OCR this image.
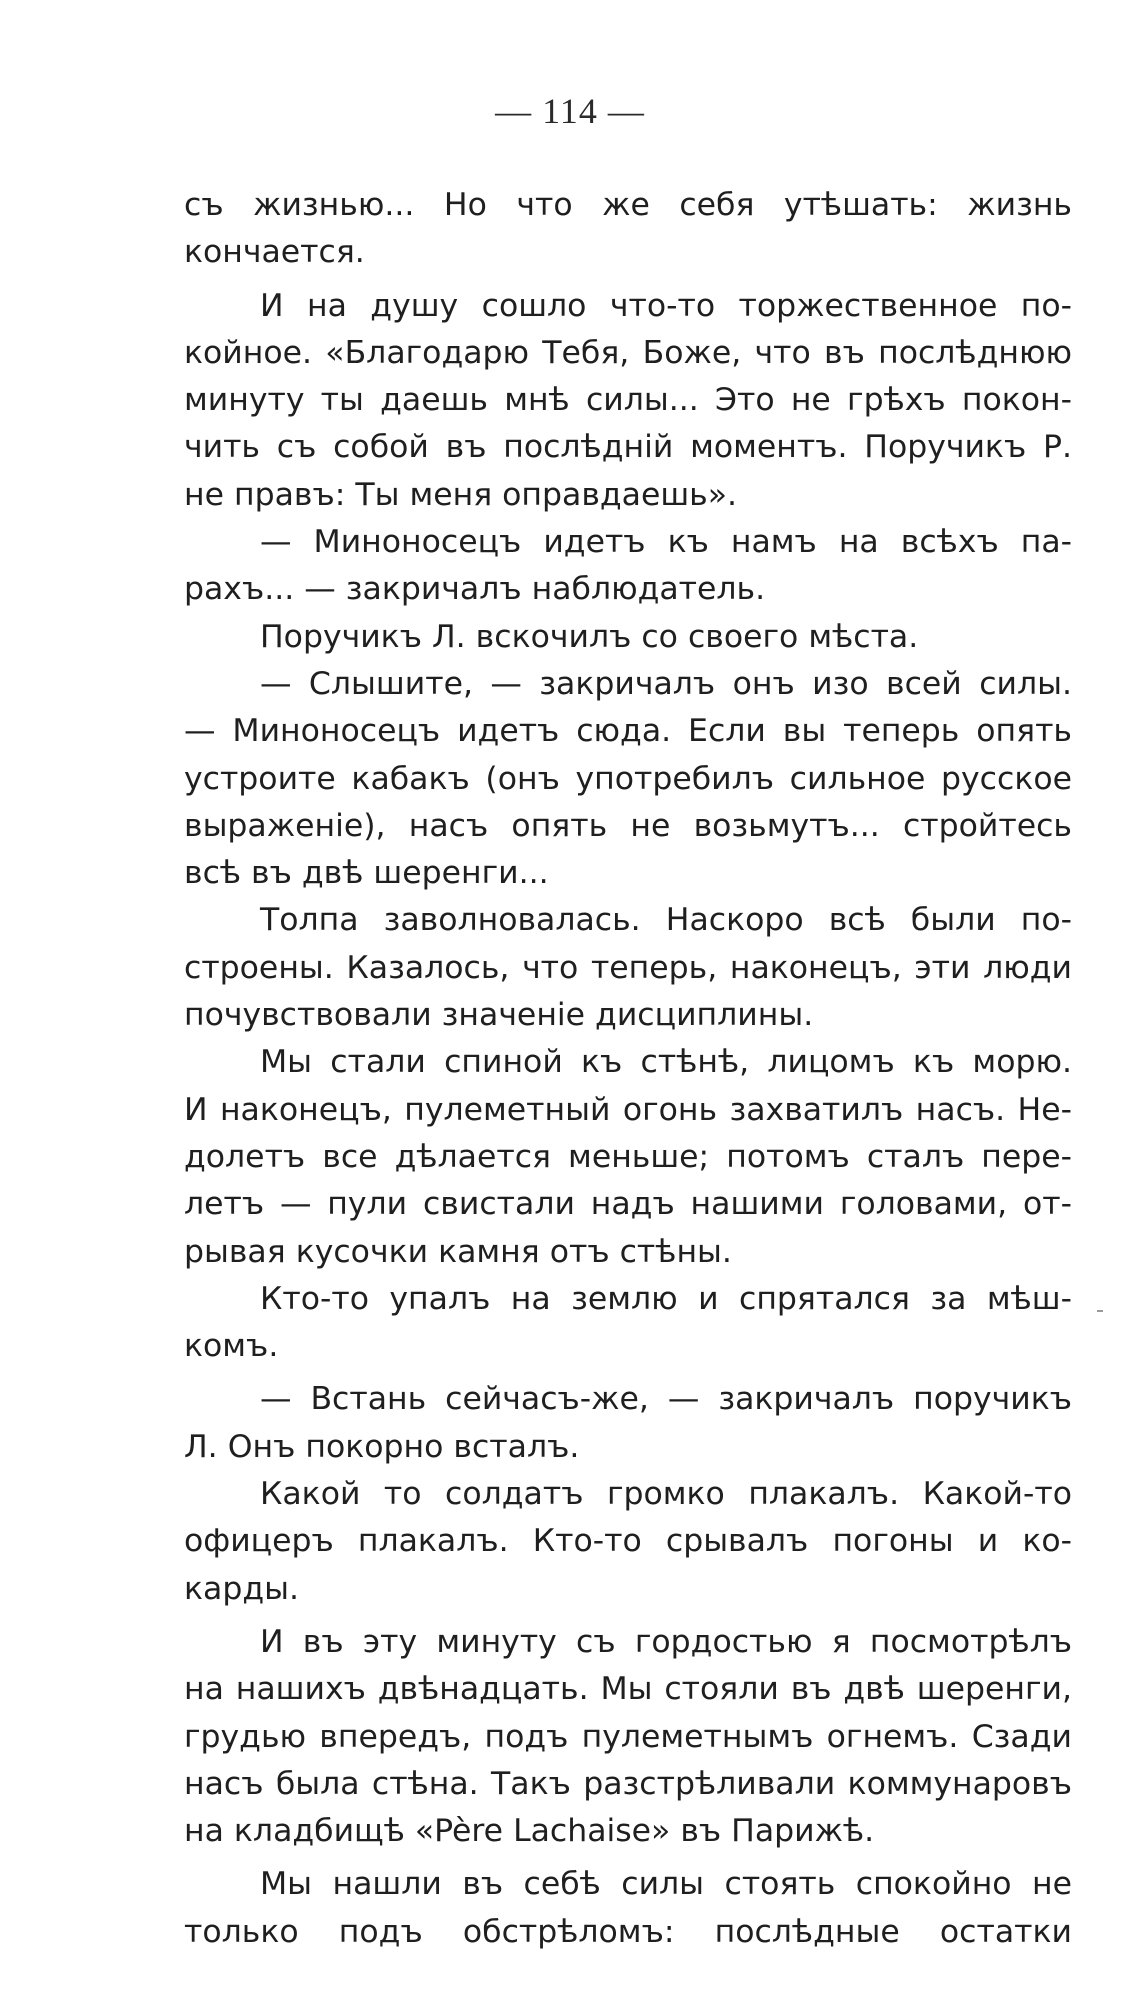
— 114 —
съ жизнью... Но что же себя утѣшать: жизнь
кончается.
И на душу сошло что-то торжественное по-
койное. «Благодарю Тебя, Боже, что въ послѣднюю
минуту ты даешь мнѣ силы... Это не грѣхъ покон-
чить съ собой въ послѣднiй моментъ. Поручикъ Р.
не правъ: Ты меня оправдаешь».
— Миноносецъ идетъ къ намъ на всѣхъ па-
рахъ... — закричалъ наблюдатель.
Поручикъ Л. вскочилъ со своего мѣста.
— Слышите, — закричалъ онъ изо всей силы.
— Миноносецъ идетъ сюда. Если вы теперь опять
устроите кабакъ (онъ употребилъ сильное русское
выраженiе), насъ опять не возьмутъ... стройтесь
всѣ въ двѣ шеренги...
Толпа заволновалась. Наскоро всѣ были по-
строены. Казалось, что теперь, наконецъ, эти люди
почувствовали значенiе дисциплины.
Мы стали спиной къ стѣнѣ, лицомъ къ морю.
И наконецъ, пулеметный огонь захватилъ насъ. Не-
долетъ все дѣлается меньше; потомъ сталъ пере-
летъ — пули свистали надъ нашими головами, от-
рывая кусочки камня отъ стѣны.
Кто-то упалъ на землю и спрятался за мѣш-
комъ.
— Встань сейчасъ-же, — закричалъ поручикъ
Л. Онъ покорно всталъ.
Какой то солдатъ громко плакалъ. Какой-то
офицеръ плакалъ. Кто-то срывалъ погоны и ко-
карды.
И въ эту минуту съ гордостью я посмотрѣлъ
на нашихъ двѣнадцать. Мы стояли въ двѣ шеренги,
грудью впередъ, подъ пулеметнымъ огнемъ. Сзади
насъ была стѣна. Такъ разстрѣливали коммунаровъ
на кладбищѣ «Père Lachaise» въ Парижѣ.
Мы нашли въ себѣ силы стоять спокойно не
только подъ обстрѣломъ: послѣдные остатки
